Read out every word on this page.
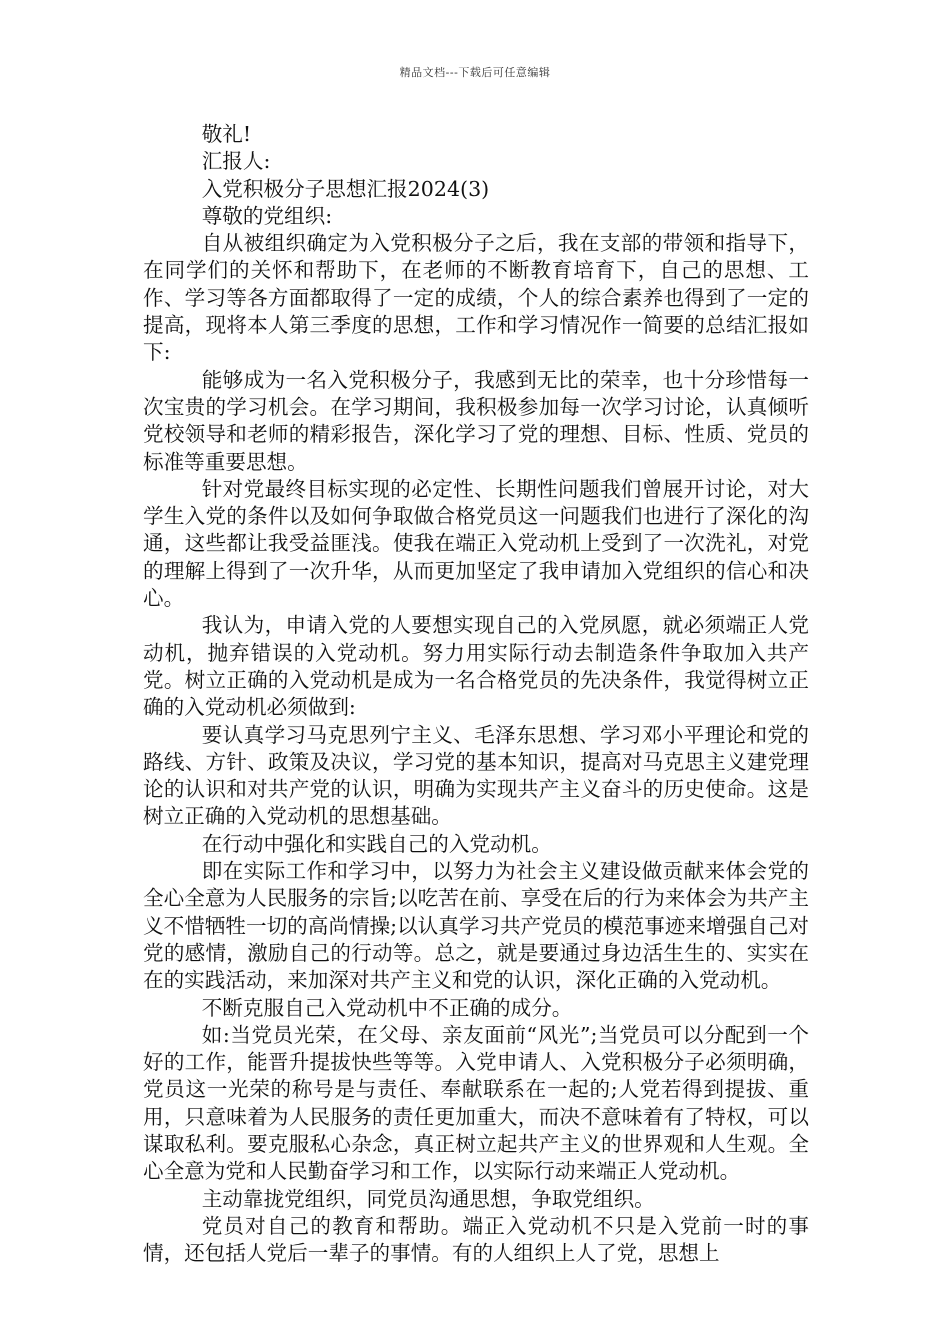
精品文档---下载后可任意编辑

敬礼!

汇报人:

入党积极分子思想汇报2024(3)

尊敬的党组织:

自从被组织确定为入党积极分子之后，我在支部的带领和指导下，在同学们的关怀和帮助下，在老师的不断教育培育下，自己的思想、工作、学习等各方面都取得了一定的成绩，个人的综合素养也得到了一定的提高，现将本人第三季度的思想，工作和学习情况作一简要的总结汇报如下:

能够成为一名入党积极分子，我感到无比的荣幸，也十分珍惜每一次宝贵的学习机会。在学习期间，我积极参加每一次学习讨论，认真倾听党校领导和老师的精彩报告，深化学习了党的理想、目标、性质、党员的标准等重要思想。

针对党最终目标实现的必定性、长期性问题我们曾展开讨论，对大学生入党的条件以及如何争取做合格党员这一问题我们也进行了深化的沟通，这些都让我受益匪浅。使我在端正入党动机上受到了一次洗礼，对党的理解上得到了一次升华，从而更加坚定了我申请加入党组织的信心和决心。

我认为，申请入党的人要想实现自己的入党夙愿，就必须端正人党动机，抛弃错误的入党动机。努力用实际行动去制造条件争取加入共产党。树立正确的入党动机是成为一名合格党员的先决条件，我觉得树立正确的入党动机必须做到:

要认真学习马克思列宁主义、毛泽东思想、学习邓小平理论和党的路线、方针、政策及决议，学习党的基本知识，提高对马克思主义建党理论的认识和对共产党的认识，明确为实现共产主义奋斗的历史使命。这是树立正确的入党动机的思想基础。

在行动中强化和实践自己的入党动机。

即在实际工作和学习中，以努力为社会主义建设做贡献来体会党的全心全意为人民服务的宗旨;以吃苦在前、享受在后的行为来体会为共产主义不惜牺牲一切的高尚情操;以认真学习共产党员的模范事迹来增强自己对党的感情，激励自己的行动等。总之，就是要通过身边活生生的、实实在在的实践活动，来加深对共产主义和党的认识，深化正确的入党动机。

不断克服自己入党动机中不正确的成分。

如:当党员光荣，在父母、亲友面前“风光”;当党员可以分配到一个好的工作，能晋升提拔快些等等。入党申请人、入党积极分子必须明确，党员这一光荣的称号是与责任、奉献联系在一起的;人党若得到提拔、重用，只意味着为人民服务的责任更加重大，而决不意味着有了特权，可以谋取私利。要克服私心杂念，真正树立起共产主义的世界观和人生观。全心全意为党和人民勤奋学习和工作，以实际行动来端正人党动机。

主动靠拢党组织，同党员沟通思想，争取党组织。

党员对自己的教育和帮助。端正入党动机不只是入党前一时的事情，还包括人党后一辈子的事情。有的人组织上人了党，思想上
